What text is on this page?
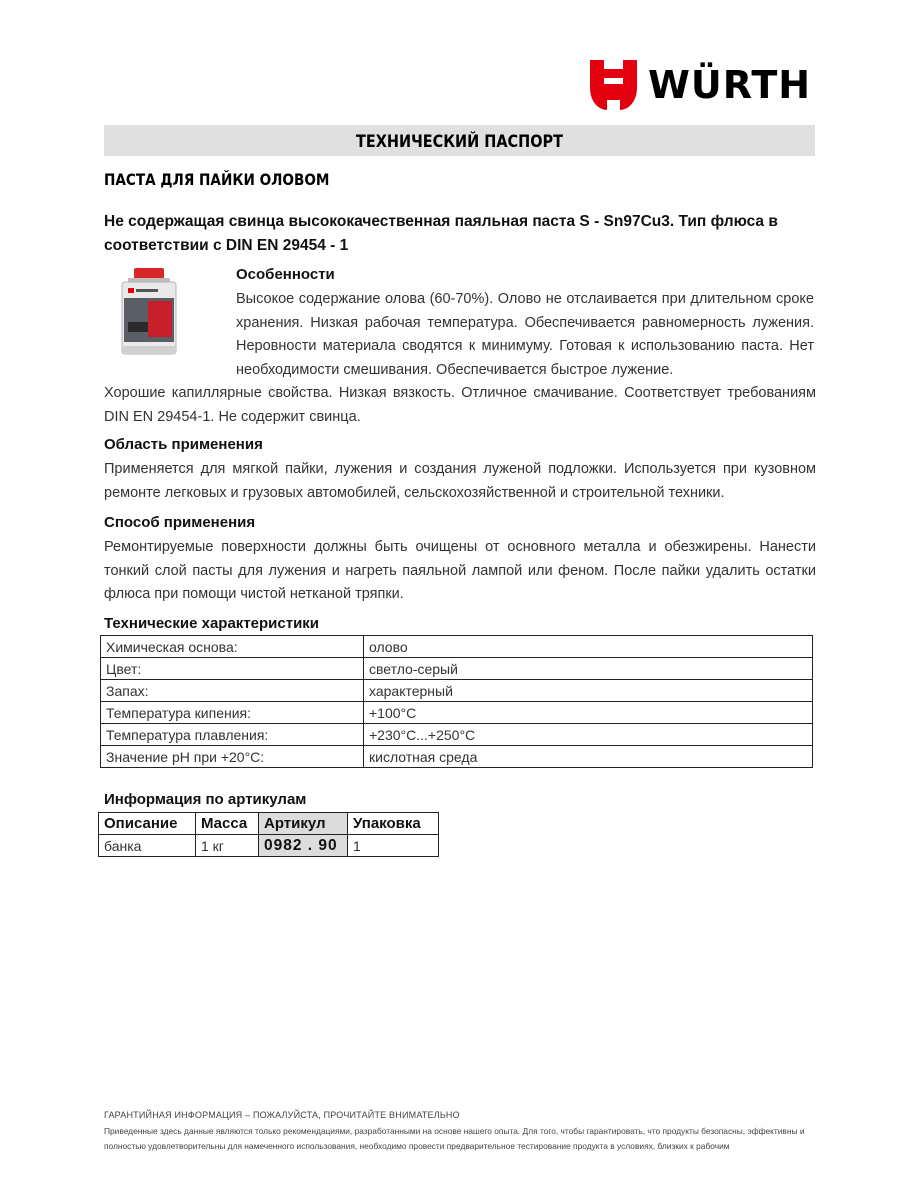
WÜRTH
ТЕХНИЧЕСКИЙ ПАСПОРТ
ПАСТА ДЛЯ ПАЙКИ ОЛОВОМ
Не содержащая свинца высококачественная паяльная паста S - Sn97Cu3. Тип флюса в соответствии с DIN EN 29454 - 1
Особенности
Высокое содержание олова (60-70%). Олово не отслаивается при длительном сроке хранения. Низкая рабочая температура. Обеспечивается равномерность лужения. Неровности материала сводятся к минимуму. Готовая к использованию паста. Нет необходимости смешивания. Обеспечивается быстрое лужение.
Хорошие капиллярные свойства. Низкая вязкость. Отличное смачивание. Соответствует требованиям DIN EN 29454-1. Не содержит свинца.
Область применения
Применяется для мягкой пайки, лужения и создания луженой подложки. Используется при кузовном ремонте легковых и грузовых автомобилей, сельскохозяйственной и строительной техники.
Способ применения
Ремонтируемые поверхности должны быть очищены от основного металла и обезжирены. Нанести тонкий слой пасты для лужения и нагреть паяльной лампой или феном. После пайки удалить остатки флюса при помощи чистой нетканой тряпки.
Технические характеристики
Химическая основа:	олово
Цвет:	светло-серый
Запах:	характерный
Температура кипения:	+100°C
Температура плавления:	+230°C...+250°C
Значение pH при +20°C:	кислотная среда
Информация по артикулам
Описание	Масса	Артикул	Упаковка
банка	1 кг	0982 . 90	1
ГАРАНТИЙНАЯ ИНФОРМАЦИЯ – ПОЖАЛУЙСТА, ПРОЧИТАЙТЕ ВНИМАТЕЛЬНО
Приведенные здесь данные являются только рекомендациями, разработанными на основе нашего опыта. Для того, чтобы гарантировать, что продукты безопасны, эффективны и полностью удовлетворительны для намеченного использования, необходимо провести предварительное тестирование продукта в условиях, близких к рабочим
